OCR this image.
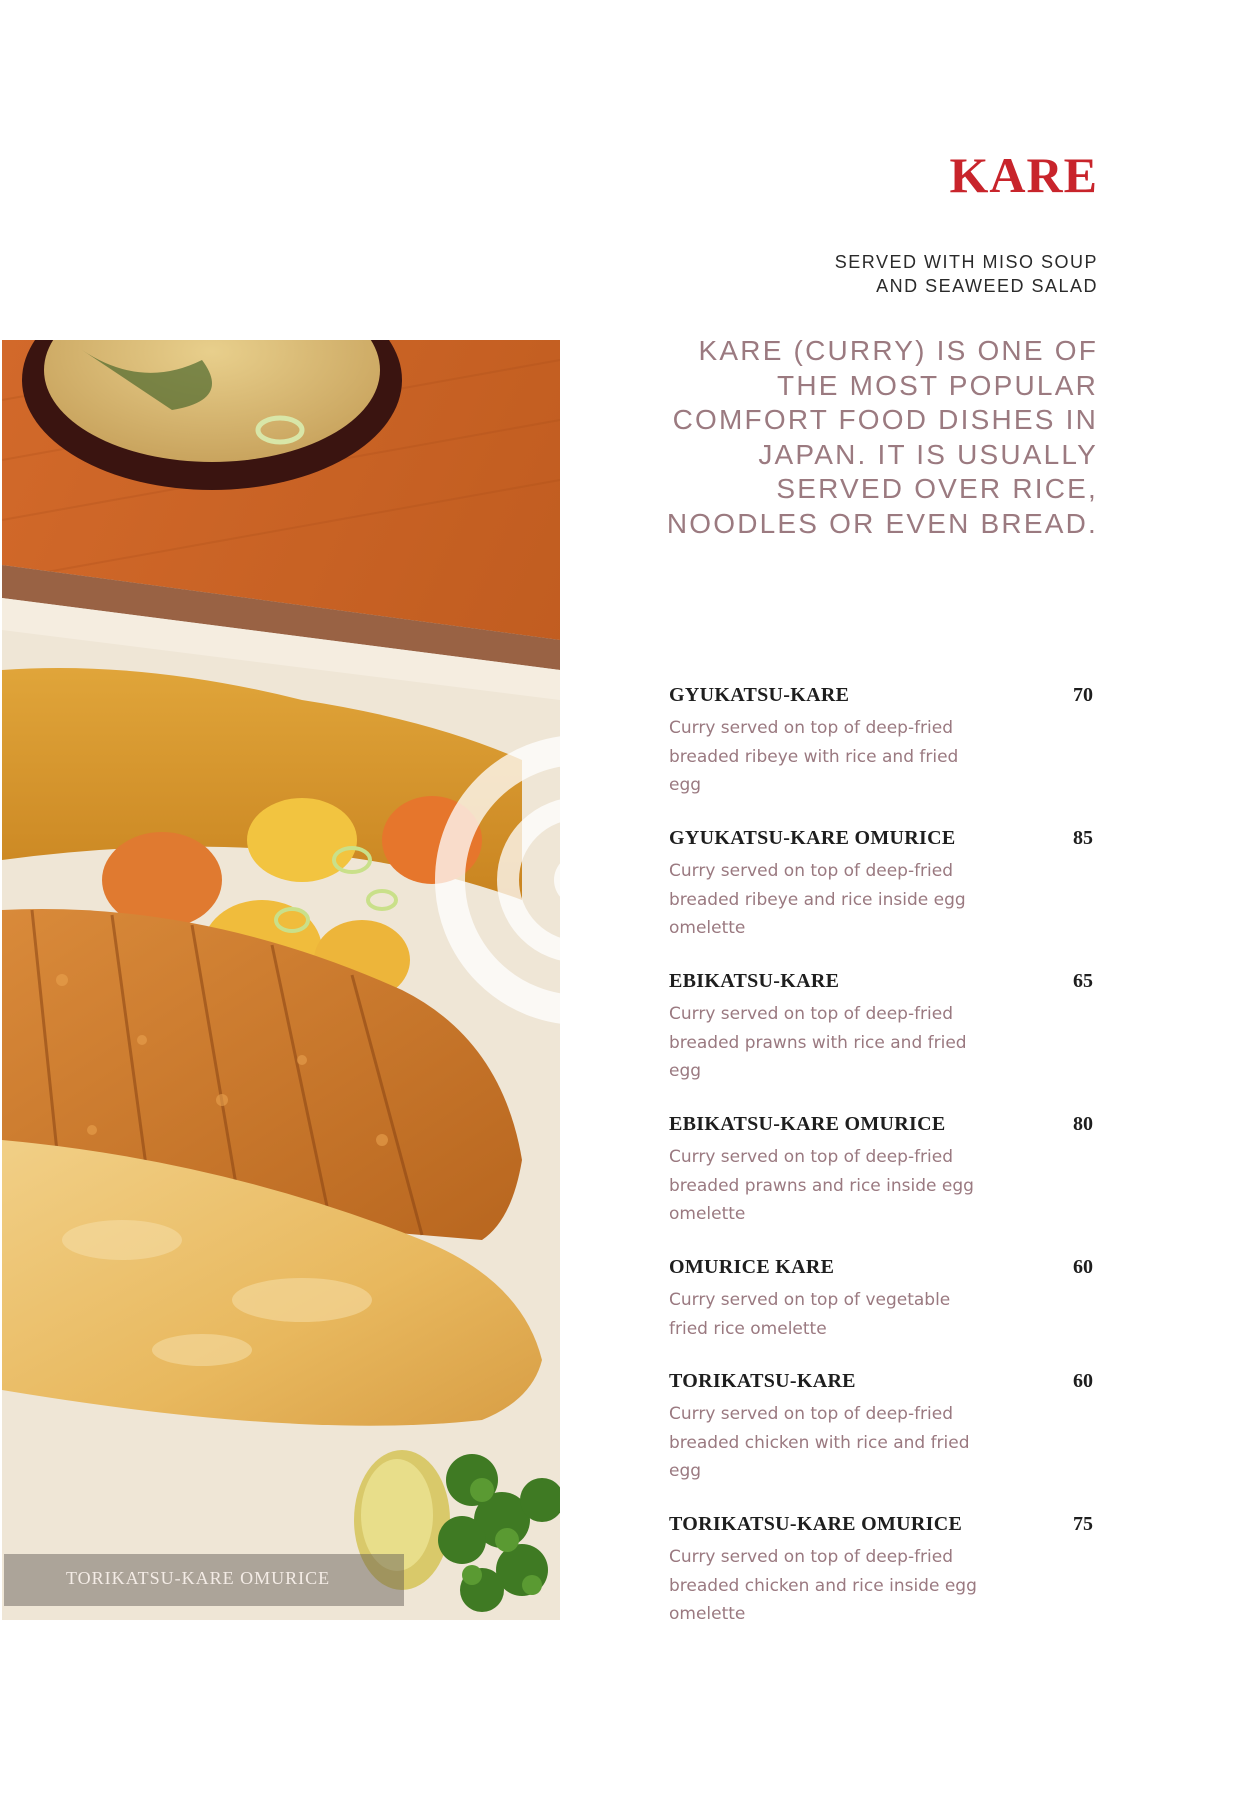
KARE
SERVED WITH MISO SOUP
AND SEAWEED SALAD

KARE (CURRY) IS ONE OF THE MOST POPULAR COMFORT FOOD DISHES IN JAPAN. IT IS USUALLY SERVED OVER RICE, NOODLES OR EVEN BREAD.

TORIKATSU-KARE OMURICE
GYUKATSU-KARE	70

Curry served on top of deep-fried breaded ribeye with rice and fried egg

GYUKATSU-KARE OMURICE	85

Curry served on top of deep-fried breaded ribeye and rice inside egg omelette

EBIKATSU-KARE	65

Curry served on top of deep-fried breaded prawns with rice and fried egg

EBIKATSU-KARE OMURICE	80

Curry served on top of deep-fried breaded prawns and rice inside egg omelette

OMURICE KARE	60

Curry served on top of vegetable fried rice omelette

TORIKATSU-KARE	60

Curry served on top of deep-fried breaded chicken with rice and fried egg

TORIKATSU-KARE OMURICE	75

Curry served on top of deep-fried breaded chicken and rice inside egg omelette
